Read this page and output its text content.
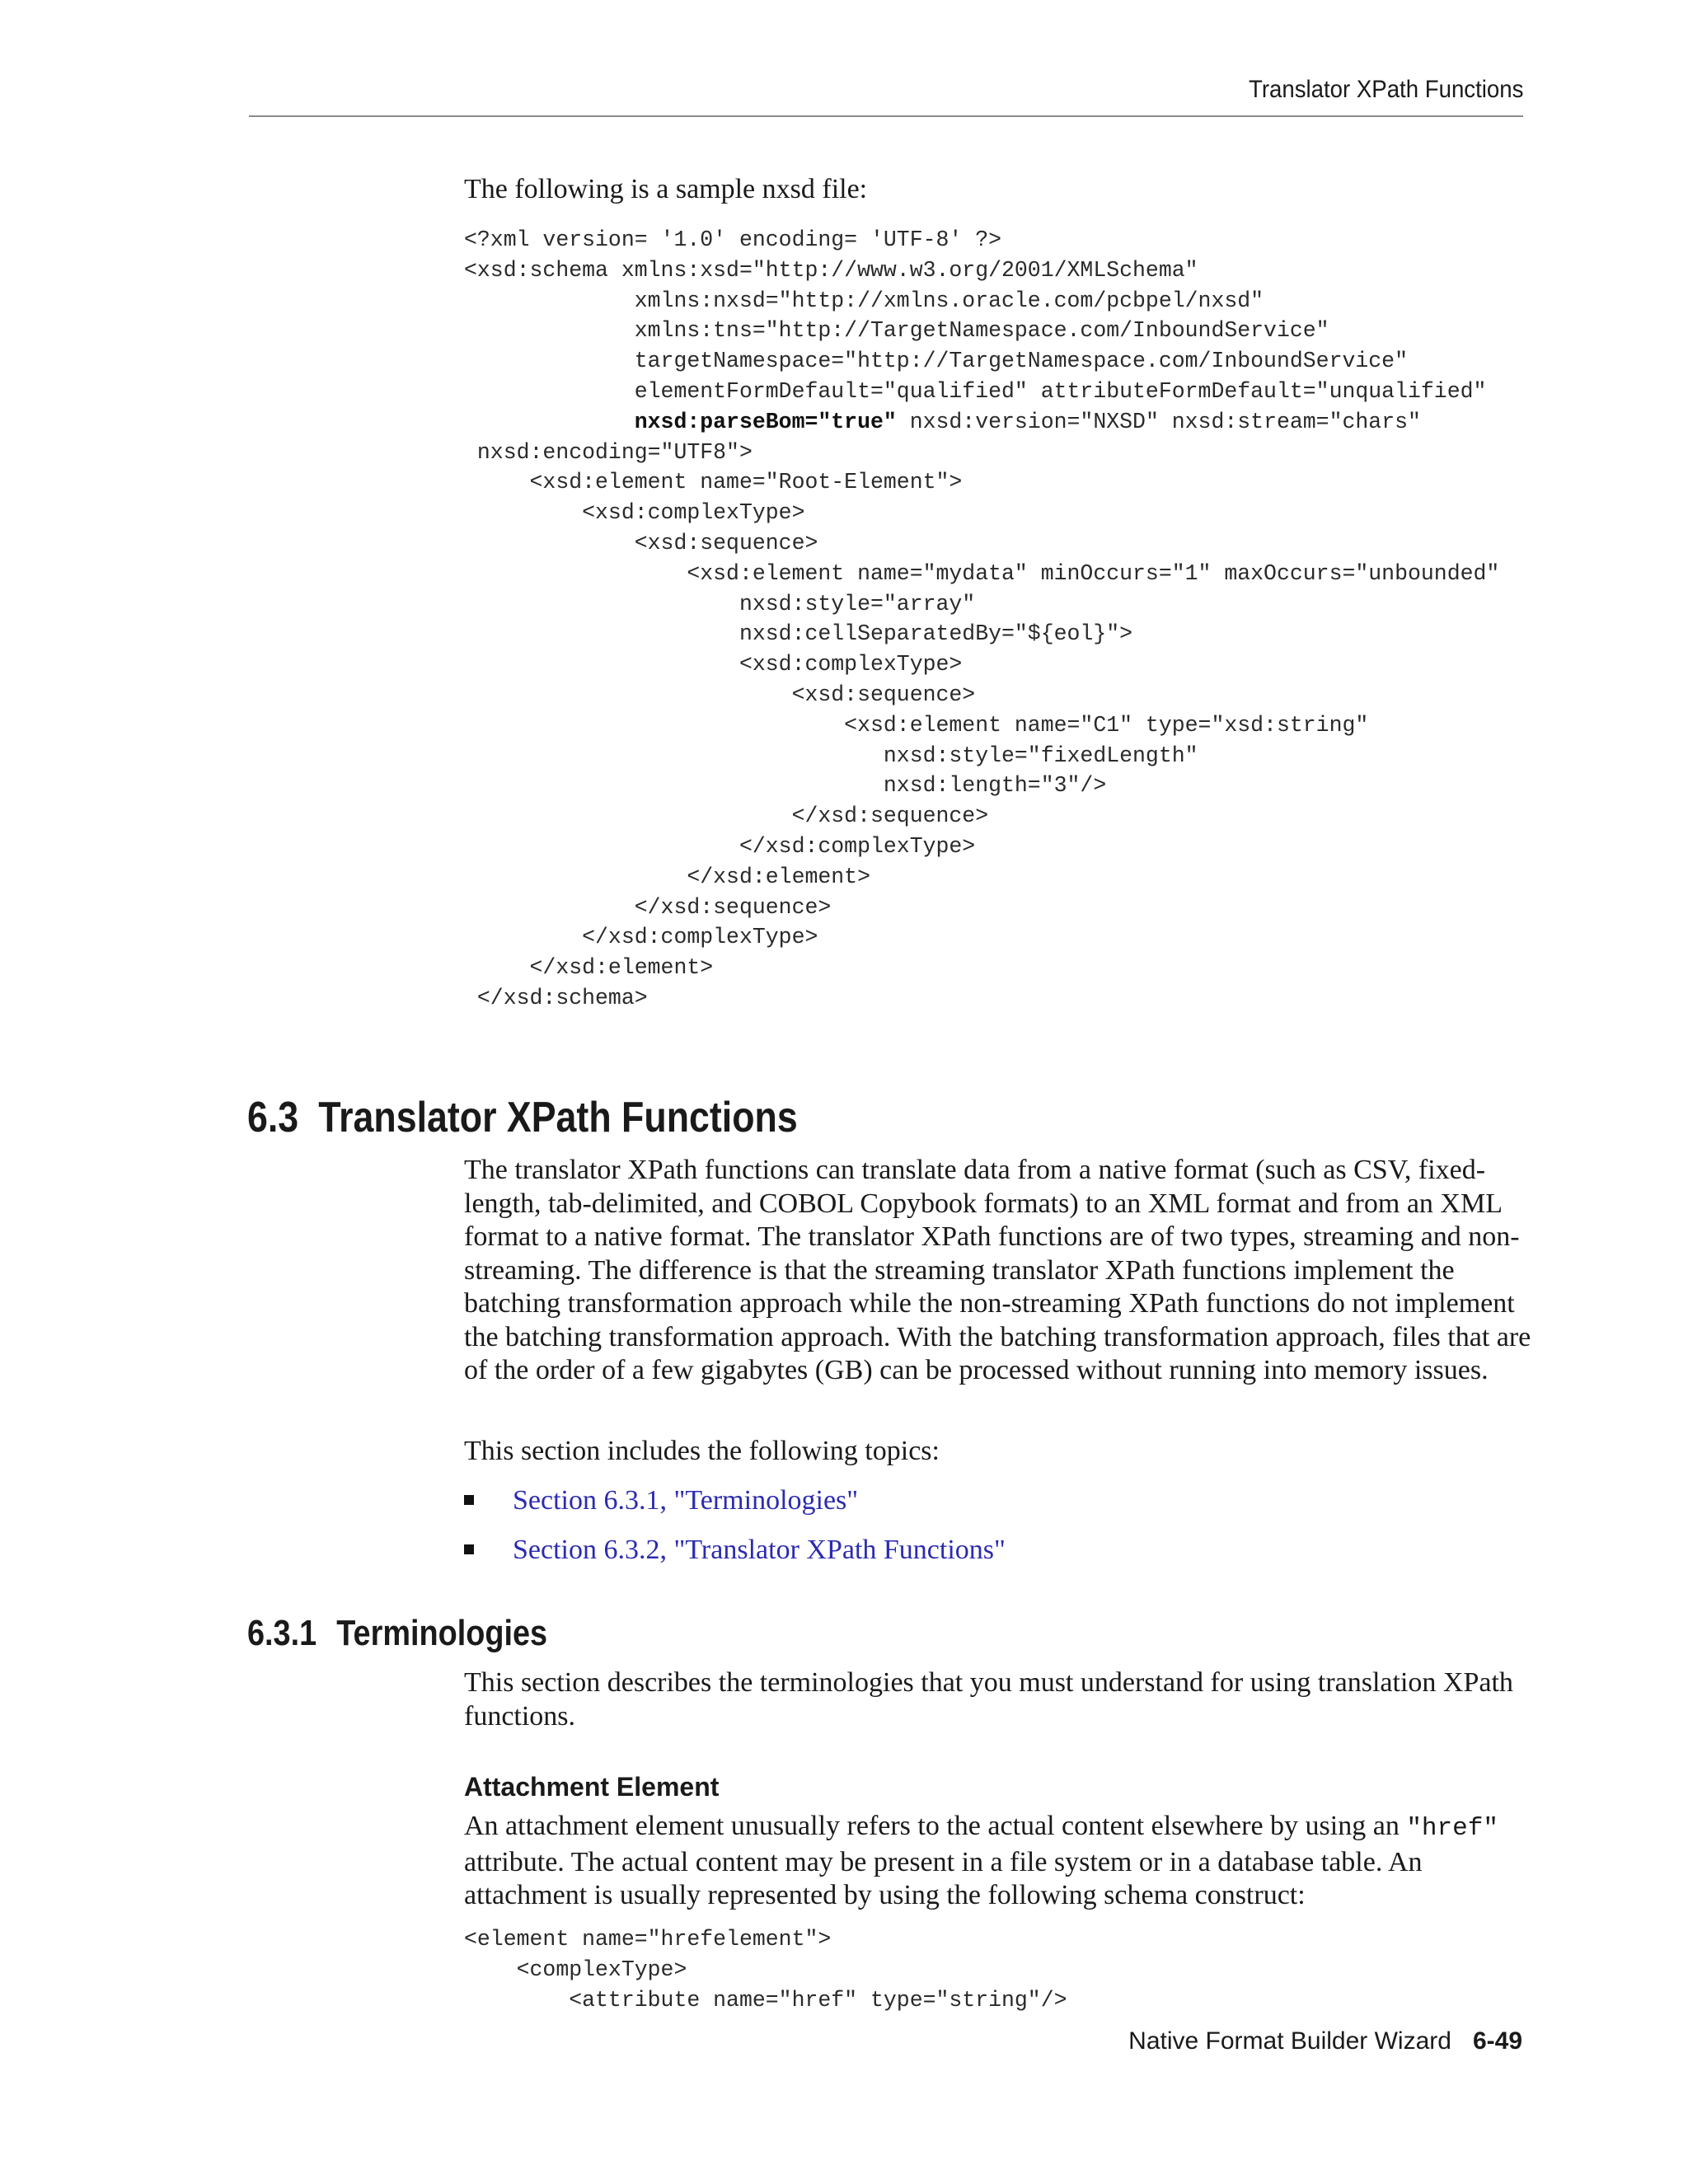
Translator XPath Functions

The following is a sample nxsd file:

<?xml version= '1.0' encoding= 'UTF-8' ?>
<xsd:schema xmlns:xsd="http://www.w3.org/2001/XMLSchema"
xmlns:nxsd="http://xmlns.oracle.com/pcbpel/nxsd"
xmlns:tns="http://TargetNamespace.com/InboundService"
targetNamespace="http://TargetNamespace.com/InboundService"
elementFormDefault="qualified" attributeFormDefault="unqualified"
nxsd:parseBom="true" nxsd:version="NXSD" nxsd:stream="chars"
nxsd:encoding="UTF8">
<xsd:element name="Root-Element">
<xsd:complexType>
<xsd:sequence>
<xsd:element name="mydata" minOccurs="1" maxOccurs="unbounded"
nxsd:style="array"
nxsd:cellSeparatedBy="${eol}">
<xsd:complexType>
<xsd:sequence>
<xsd:element name="C1" type="xsd:string"
nxsd:style="fixedLength"
nxsd:length="3"/>
</xsd:sequence>
</xsd:complexType>
</xsd:element>
</xsd:sequence>
</xsd:complexType>
</xsd:element>
</xsd:schema>
6.3 Translator XPath Functions

The translator XPath functions can translate data from a native format (such as CSV, fixed-length, tab-delimited, and COBOL Copybook formats) to an XML format and from an XML format to a native format. The translator XPath functions are of two types, streaming and non-streaming. The difference is that the streaming translator XPath functions implement the batching transformation approach while the non-streaming XPath functions do not implement the batching transformation approach. With the batching transformation approach, files that are of the order of a few gigabytes (GB) can be processed without running into memory issues.

This section includes the following topics:

Section 6.3.1, "Terminologies"
Section 6.3.2, "Translator XPath Functions"
6.3.1 Terminologies

This section describes the terminologies that you must understand for using translation XPath functions.

Attachment Element

An attachment element unusually refers to the actual content elsewhere by using an "href" attribute. The actual content may be present in a file system or in a database table. An attachment is usually represented by using the following schema construct:

<element name="hrefelement">
<complexType>
<attribute name="href" type="string"/>
Native Format Builder Wizard 6-49
